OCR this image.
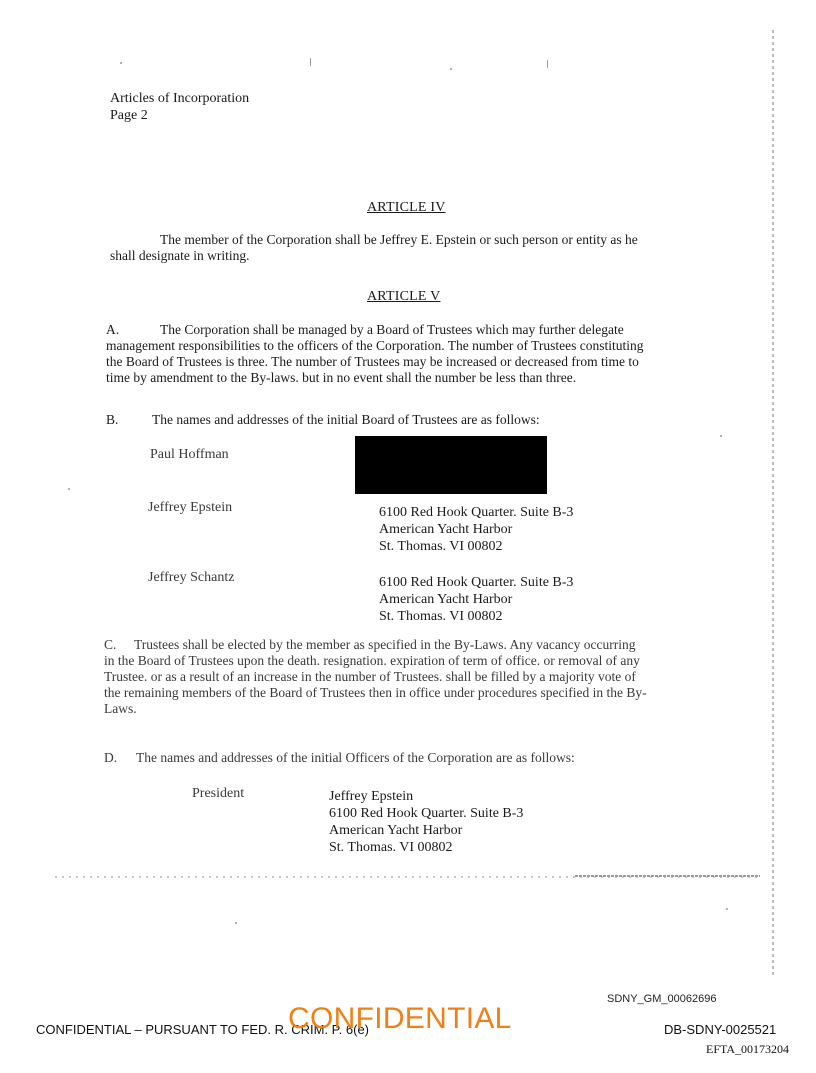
Articles of Incorporation
Page 2
ARTICLE IV
The member of the Corporation shall be Jeffrey E. Epstein or such person or entity as he
shall designate in writing.
ARTICLE V
A.	The Corporation shall be managed by a Board of Trustees which may further delegate
management responsibilities to the officers of the Corporation. The number of Trustees constituting
the Board of Trustees is three. The number of Trustees may be increased or decreased from time to
time by amendment to the By-laws. but in no event shall the number be less than three.
B.	The names and addresses of the initial Board of Trustees are as follows:
Paul Hoffman
Jeffrey Epstein	6100 Red Hook Quarter. Suite B-3
American Yacht Harbor
St. Thomas. VI 00802
Jeffrey Schantz	6100 Red Hook Quarter. Suite B-3
American Yacht Harbor
St. Thomas. VI 00802
C.	Trustees shall be elected by the member as specified in the By-Laws. Any vacancy occurring
in the Board of Trustees upon the death. resignation. expiration of term of office. or removal of any
Trustee. or as a result of an increase in the number of Trustees. shall be filled by a majority vote of
the remaining members of the Board of Trustees then in office under procedures specified in the By-
Laws.
D.	The names and addresses of the initial Officers of the Corporation are as follows:
President	Jeffrey Epstein
6100 Red Hook Quarter. Suite B-3
American Yacht Harbor
St. Thomas. VI 00802
SDNY_GM_00062696
CONFIDENTIAL – PURSUANT TO FED. R. CRIM. P. 6(e)
CONFIDENTIAL	DB-SDNY-0025521
EFTA_00173204
